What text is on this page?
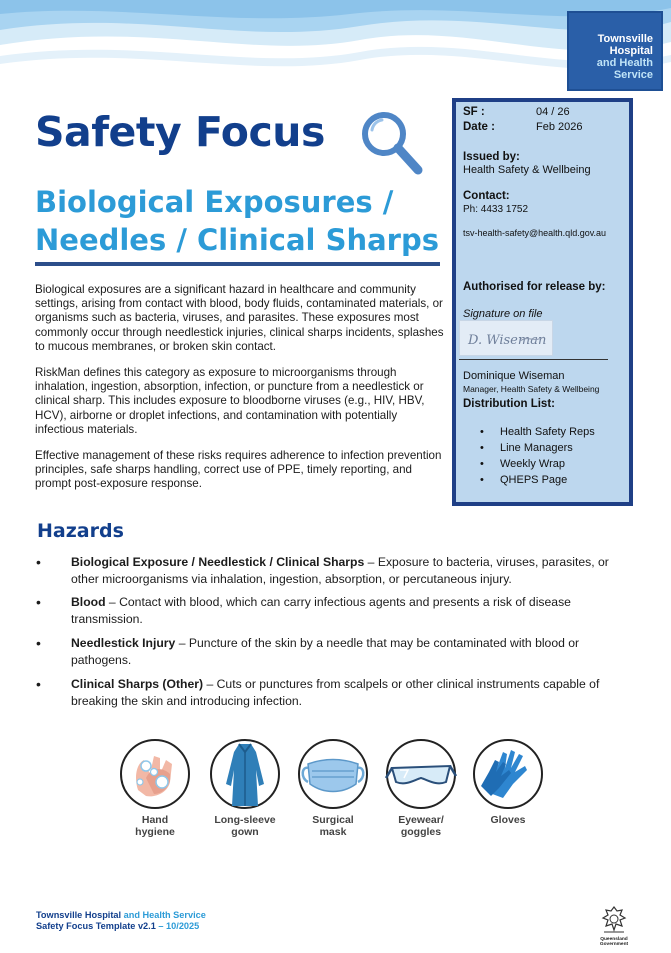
Townsville
Hospital
and Health
Service
Safety Focus
Biological Exposures /
Needles / Clinical Sharps
Biological exposures are a significant hazard in healthcare and community settings, arising from contact with blood, body fluids, contaminated materials, or organisms such as bacteria, viruses, and parasites. These exposures most commonly occur through needlestick injuries, clinical sharps incidents, splashes to mucous membranes, or broken skin contact.
RiskMan defines this category as exposure to microorganisms through inhalation, ingestion, absorption, infection, or puncture from a needlestick or clinical sharp. This includes exposure to bloodborne viruses (e.g., HIV, HBV, HCV), airborne or droplet infections, and contamination with potentially infectious materials.
Effective management of these risks requires adherence to infection prevention principles, safe sharps handling, correct use of PPE, timely reporting, and prompt post-exposure response.
SF :	04 / 26
Date :	Feb 2026
Issued by:
Health Safety & Wellbeing
Contact:
Ph: 4433 1752
tsv-health-safety@health.qld.gov.au
Authorised for release by:
Signature on file
D. Wiseman
Dominique Wiseman
Manager, Health Safety & Wellbeing
Distribution List:
• Health Safety Reps
• Line Managers
• Weekly Wrap
• QHEPS Page
Hazards
• Biological Exposure / Needlestick / Clinical Sharps – Exposure to bacteria, viruses, parasites, or other microorganisms via inhalation, ingestion, absorption, or percutaneous injury.
• Blood – Contact with blood, which can carry infectious agents and presents a risk of disease transmission.
• Needlestick Injury – Puncture of the skin by a needle that may be contaminated with blood or pathogens.
• Clinical Sharps (Other) – Cuts or punctures from scalpels or other clinical instruments capable of breaking the skin and introducing infection.
Hand
hygiene
Long-sleeve
gown
Surgical
mask
Eyewear/
goggles
Gloves
Townsville Hospital and Health Service
Safety Focus Template v2.1 – 10/2025
Queensland
Government
